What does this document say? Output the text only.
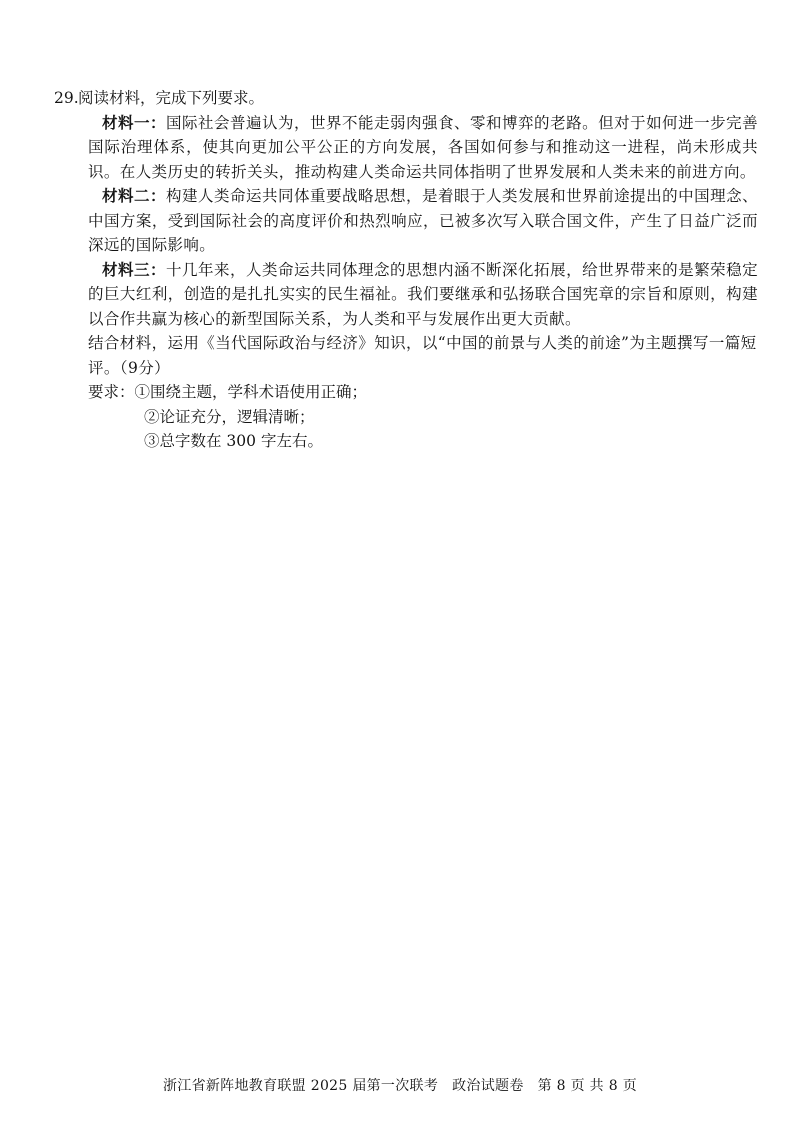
29.阅读材料，完成下列要求。
材料一：国际社会普遍认为，世界不能走弱肉强食、零和博弈的老路。但对于如何进一步完善国际治理体系，使其向更加公平公正的方向发展，各国如何参与和推动这一进程，尚未形成共识。在人类历史的转折关头，推动构建人类命运共同体指明了世界发展和人类未来的前进方向。
材料二：构建人类命运共同体重要战略思想，是着眼于人类发展和世界前途提出的中国理念、中国方案，受到国际社会的高度评价和热烈响应，已被多次写入联合国文件，产生了日益广泛而深远的国际影响。
材料三：十几年来，人类命运共同体理念的思想内涵不断深化拓展，给世界带来的是繁荣稳定的巨大红利，创造的是扎扎实实的民生福祉。我们要继承和弘扬联合国宪章的宗旨和原则，构建以合作共赢为核心的新型国际关系，为人类和平与发展作出更大贡献。
结合材料，运用《当代国际政治与经济》知识，以“中国的前景与人类的前途”为主题撰写一篇短评。（9分）
要求：①围绕主题，学科术语使用正确；
②论证充分，逻辑清晰；
③总字数在 300 字左右。
浙江省新阵地教育联盟 2025 届第一次联考 政治试题卷 第 8 页 共 8 页
